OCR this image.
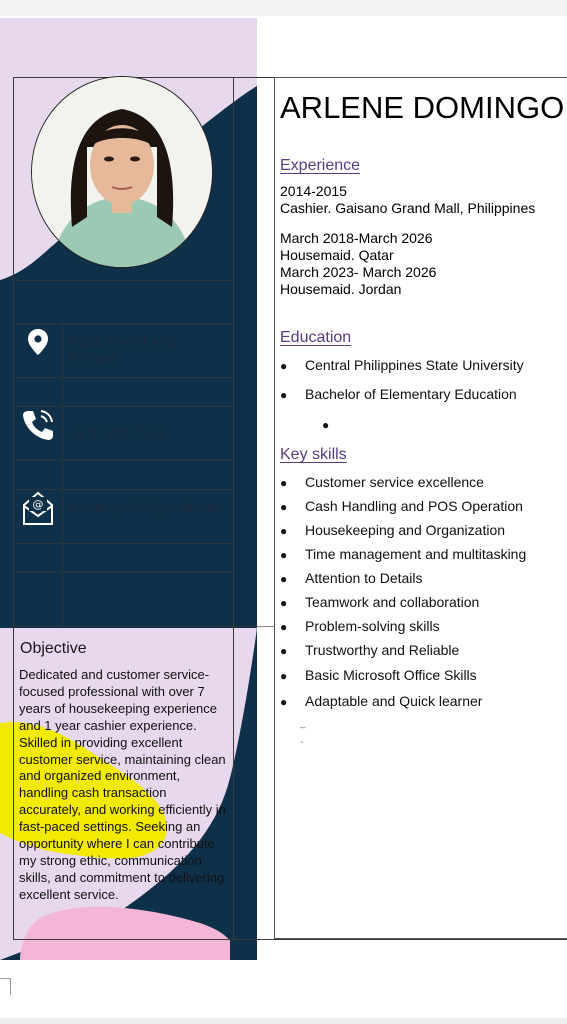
Dubai, United Arab Emirates
+971 522177251
@ Adomingo762@gmail.com
Objective
Dedicated and customer service-focused professional with over 7 years of housekeeping experience and 1 year cashier experience. Skilled in providing excellent customer service, maintaining clean and organized environment, handling cash transaction accurately, and working efficiently in fast-paced settings. Seeking an opportunity where I can contribute my strong ethic, communication skills, and commitment to delivering excellent service.
ARLENE DOMINGO
Experience
2014-2015
Cashier. Gaisano Grand Mall, Philippines
March 2018-March 2026
Housemaid. Qatar
March 2023- March 2026
Housemaid. Jordan
Education
● Central Philippines State University
● Bachelor of Elementary Education
●
Key skills
● Customer service excellence
● Cash Handling and POS Operation
● Housekeeping and Organization
● Time management and multitasking
● Attention to Details
● Teamwork and collaboration
● Problem-solving skills
● Trustworthy and Reliable
● Basic Microsoft Office Skills
● Adaptable and Quick learner
_
-
